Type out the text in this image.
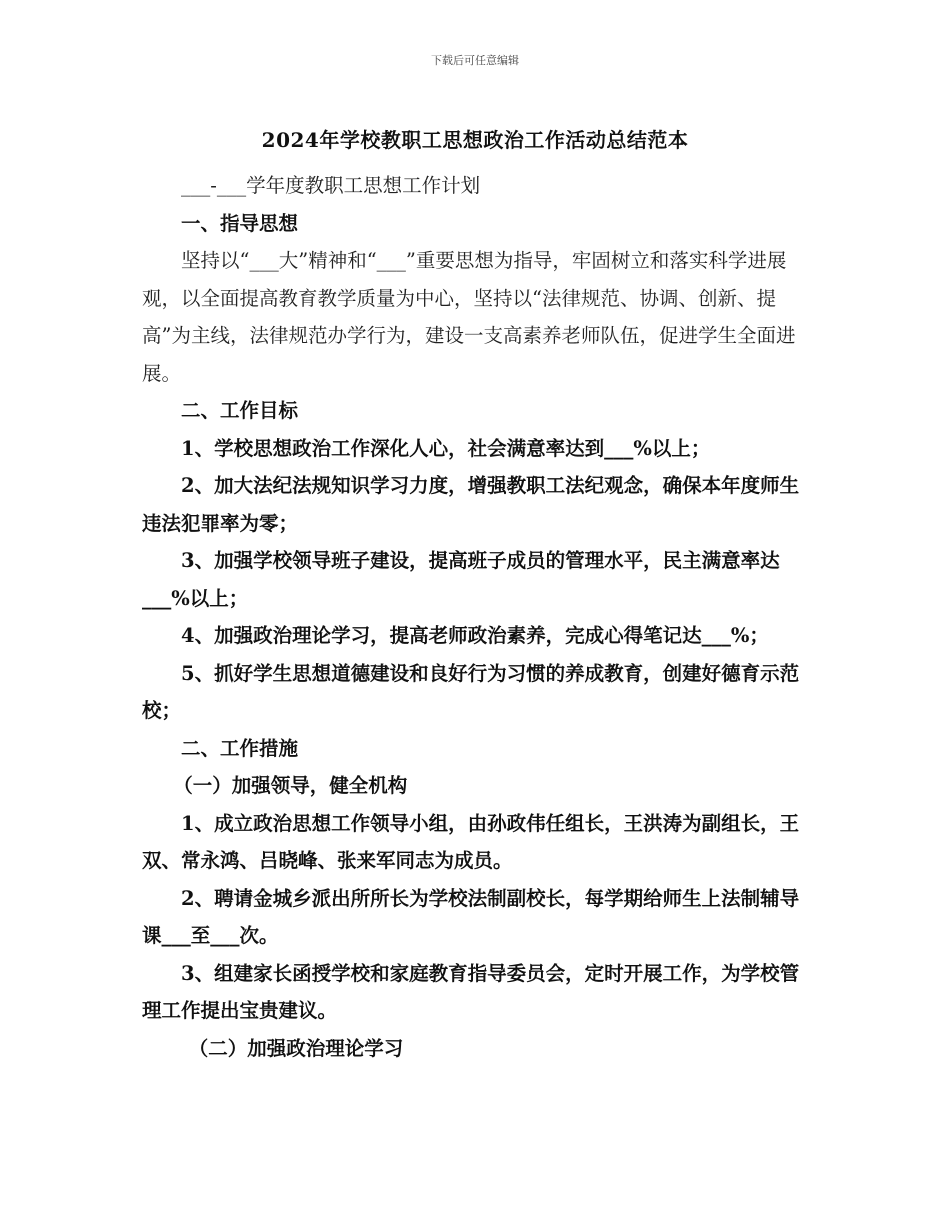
下载后可任意编辑
2024年学校教职工思想政治工作活动总结范本

___-___学年度教职工思想工作计划

一、指导思想

坚持以“___大”精神和“___”重要思想为指导，牢固树立和落实科学进展观，以全面提高教育教学质量为中心，坚持以“法律规范、协调、创新、提高”为主线，法律规范办学行为，建设一支高素养老师队伍，促进学生全面进展。

二、工作目标

1、学校思想政治工作深化人心，社会满意率达到___%以上；

2、加大法纪法规知识学习力度，增强教职工法纪观念，确保本年度师生违法犯罪率为零；

3、加强学校领导班子建设，提高班子成员的管理水平，民主满意率达___%以上；

4、加强政治理论学习，提高老师政治素养，完成心得笔记达___%；

5、抓好学生思想道德建设和良好行为习惯的养成教育，创建好德育示范校；

二、工作措施

（一）加强领导，健全机构

1、成立政治思想工作领导小组，由孙政伟任组长，王洪涛为副组长，王双、常永鸿、吕晓峰、张来军同志为成员。

2、聘请金城乡派出所所长为学校法制副校长，每学期给师生上法制辅导课___至___次。

3、组建家长函授学校和家庭教育指导委员会，定时开展工作，为学校管理工作提出宝贵建议。

（二）加强政治理论学习
